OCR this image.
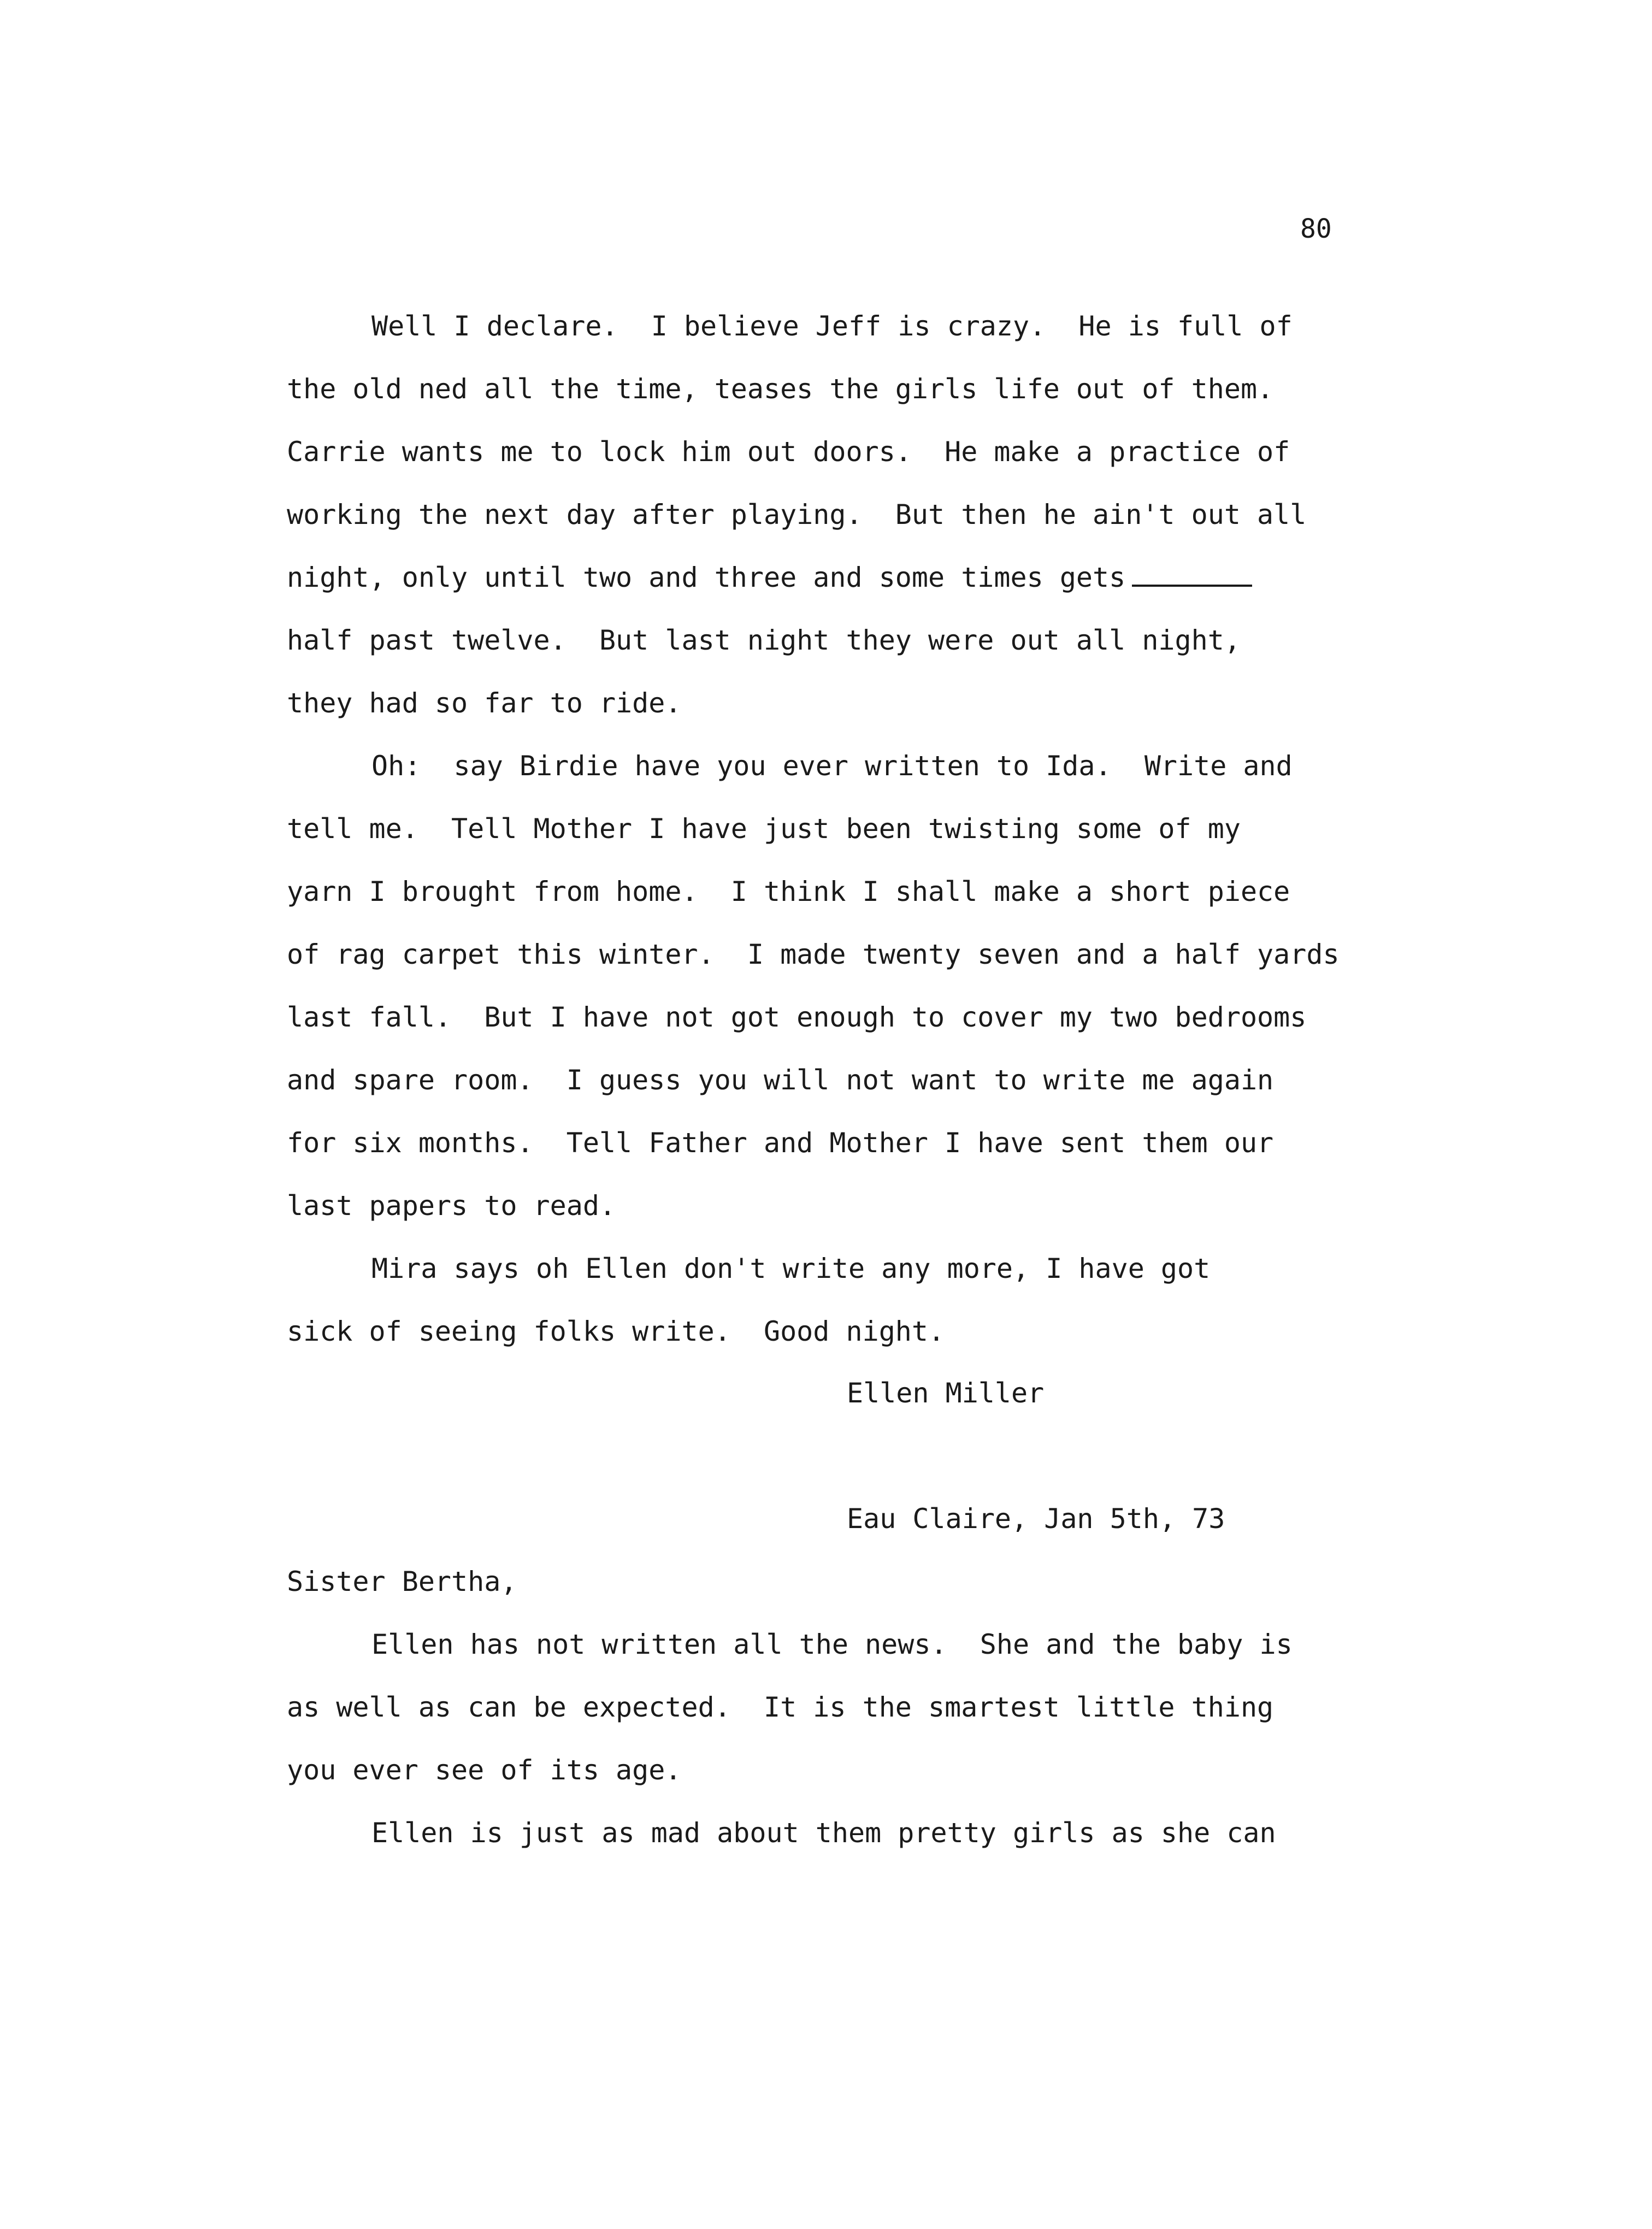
80
Well I declare.  I believe Jeff is crazy.  He is full of
the old ned all the time, teases the girls life out of them.
Carrie wants me to lock him out doors.  He make a practice of
working the next day after playing.  But then he ain't out all
night, only until two and three and some times gets
half past twelve.  But last night they were out all night,
they had so far to ride.
Oh:  say Birdie have you ever written to Ida.  Write and
tell me.  Tell Mother I have just been twisting some of my
yarn I brought from home.  I think I shall make a short piece
of rag carpet this winter.  I made twenty seven and a half yards
last fall.  But I have not got enough to cover my two bedrooms
and spare room.  I guess you will not want to write me again
for six months.  Tell Father and Mother I have sent them our
last papers to read.
Mira says oh Ellen don't write any more, I have got
sick of seeing folks write.  Good night.
Ellen Miller
Eau Claire, Jan 5th, 73
Sister Bertha,
Ellen has not written all the news.  She and the baby is
as well as can be expected.  It is the smartest little thing
you ever see of its age.
Ellen is just as mad about them pretty girls as she can
